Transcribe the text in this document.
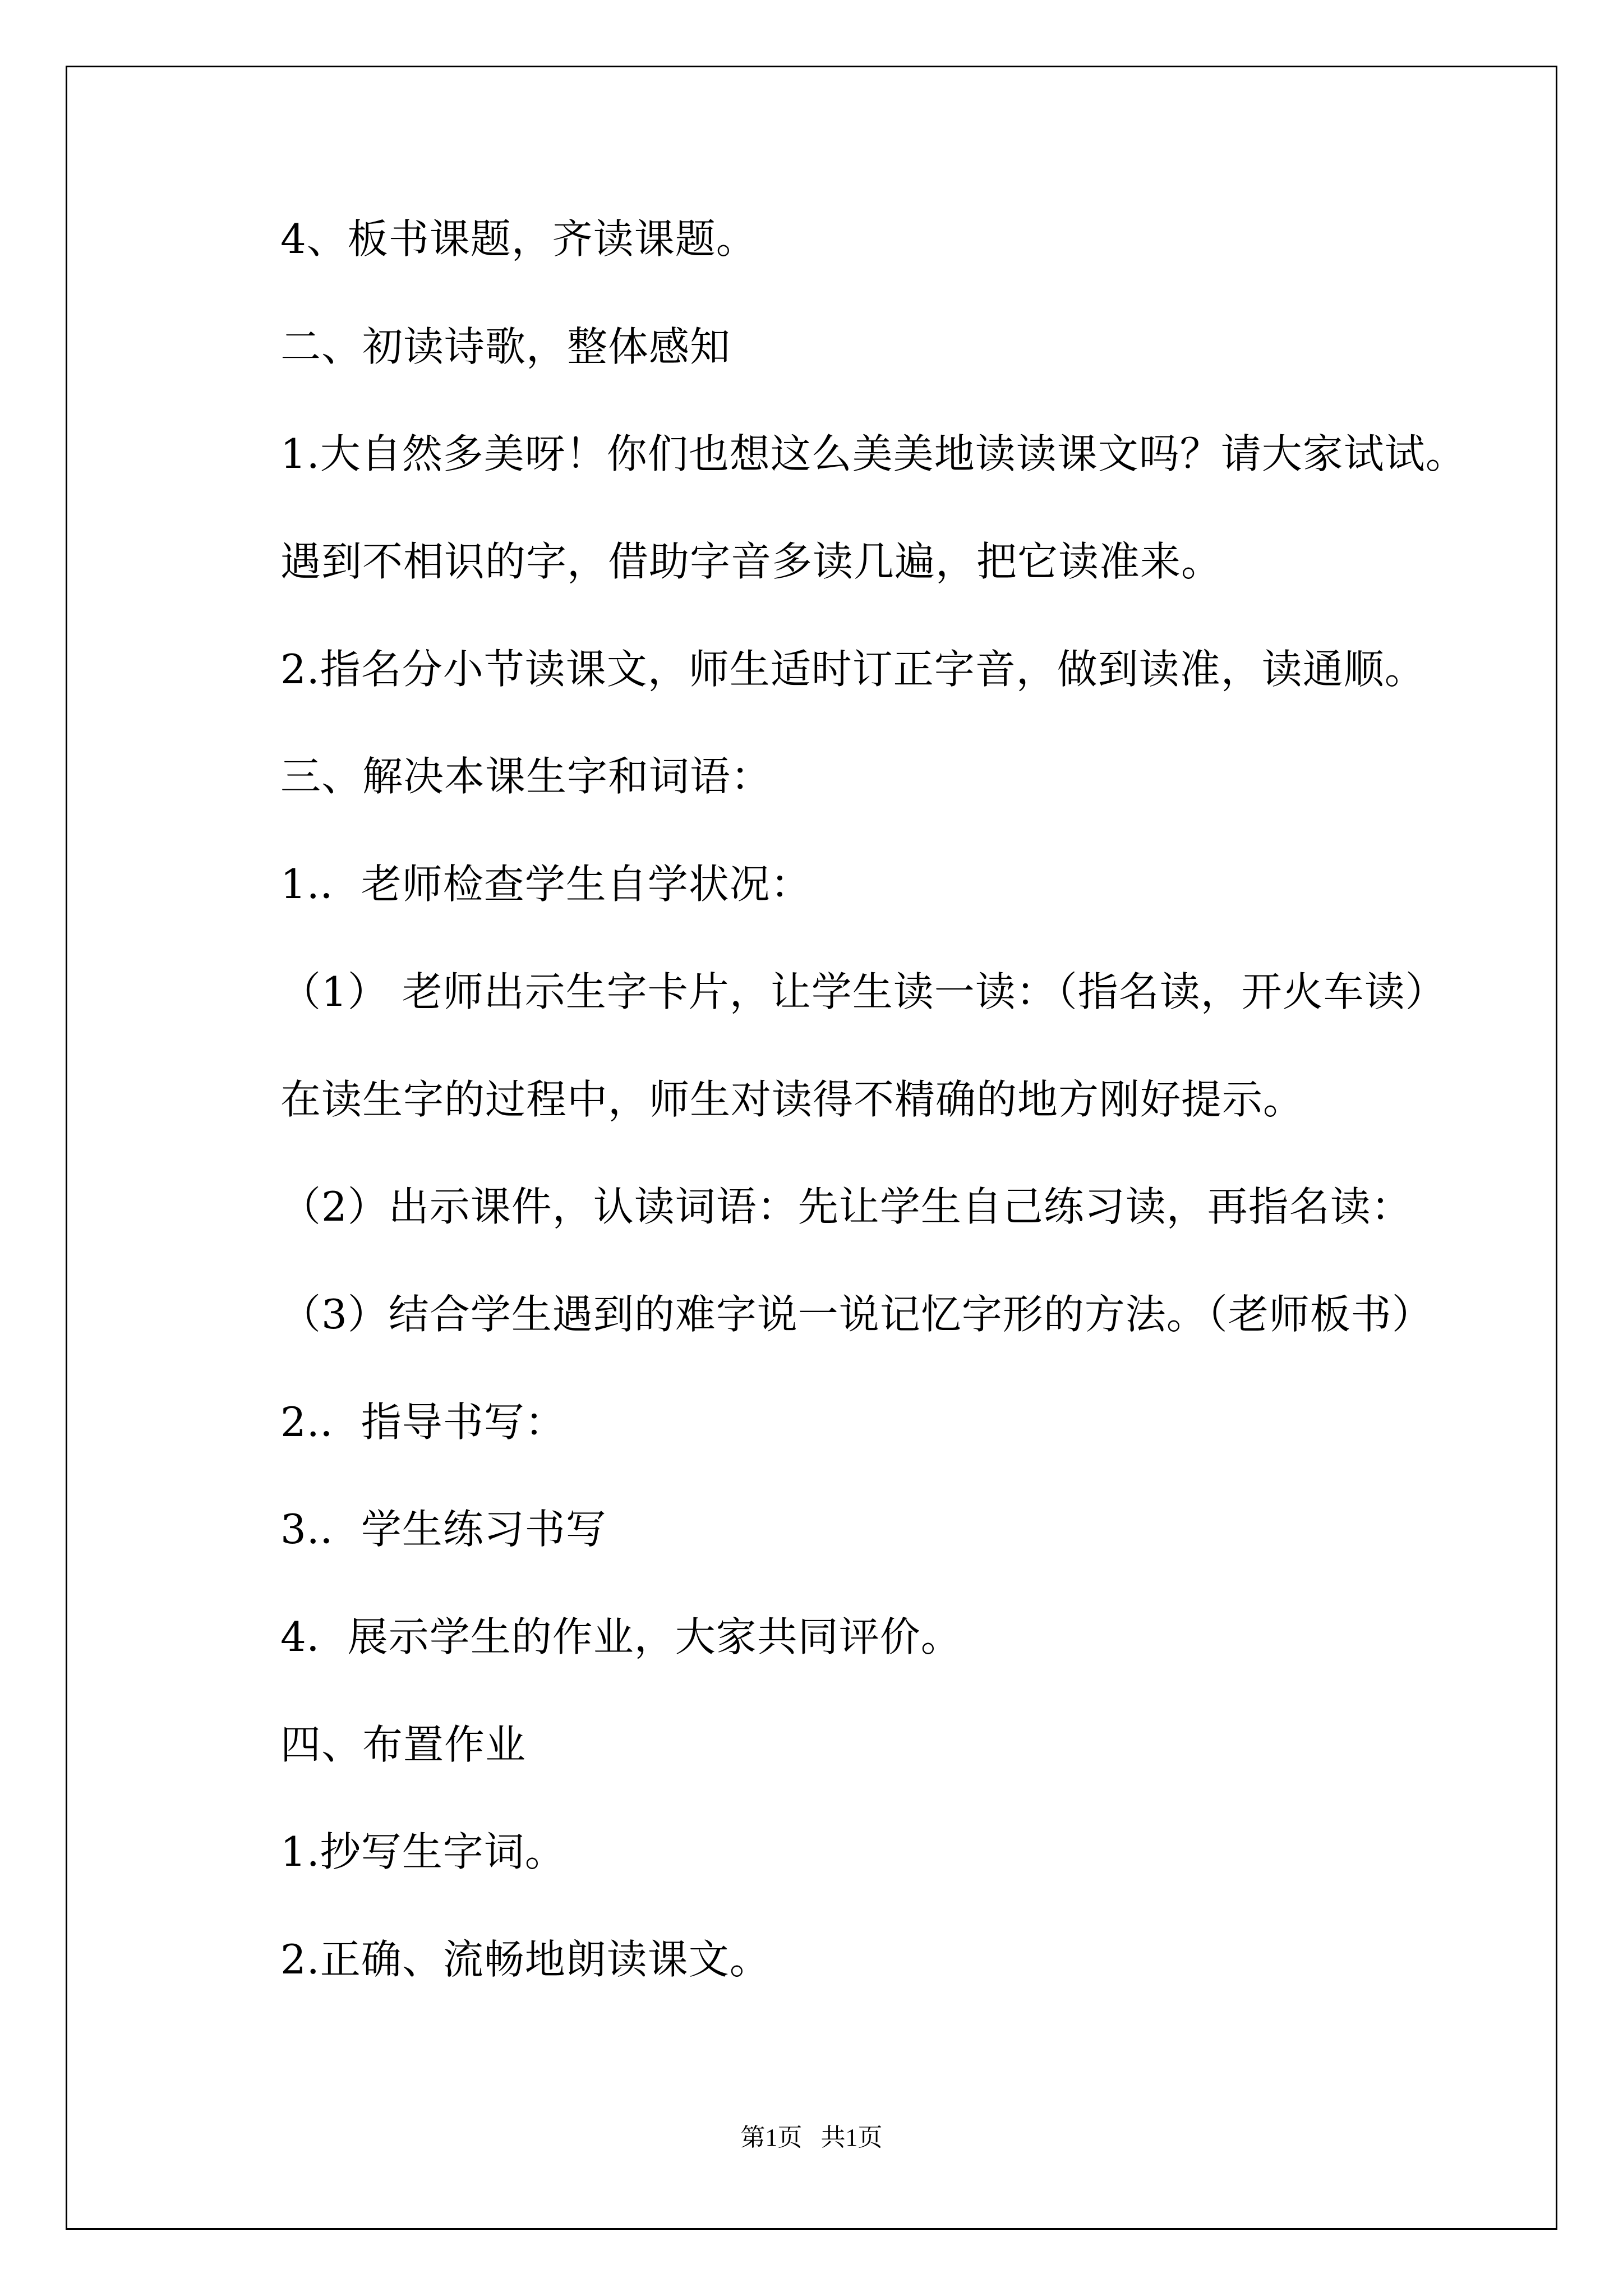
4、板书课题，齐读课题。

二、初读诗歌，整体感知

1.大自然多美呀！你们也想这么美美地读读课文吗？请大家试试。

遇到不相识的字，借助字音多读几遍，把它读准来。

2.指名分小节读课文，师生适时订正字音，做到读准，读通顺。

三、解决本课生字和词语：

1.．老师检查学生自学状况：

（1） 老师出示生字卡片，让学生读一读：（指名读，开火车读）

在读生字的过程中，师生对读得不精确的地方刚好提示。

（2）出示课件，认读词语：先让学生自己练习读，再指名读：

（3）结合学生遇到的难字说一说记忆字形的方法。（老师板书）

2.．指导书写：

3.．学生练习书写

4．展示学生的作业，大家共同评价。

四、布置作业

1.抄写生字词。

2.正确、流畅地朗读课文。

第1页   共1页
